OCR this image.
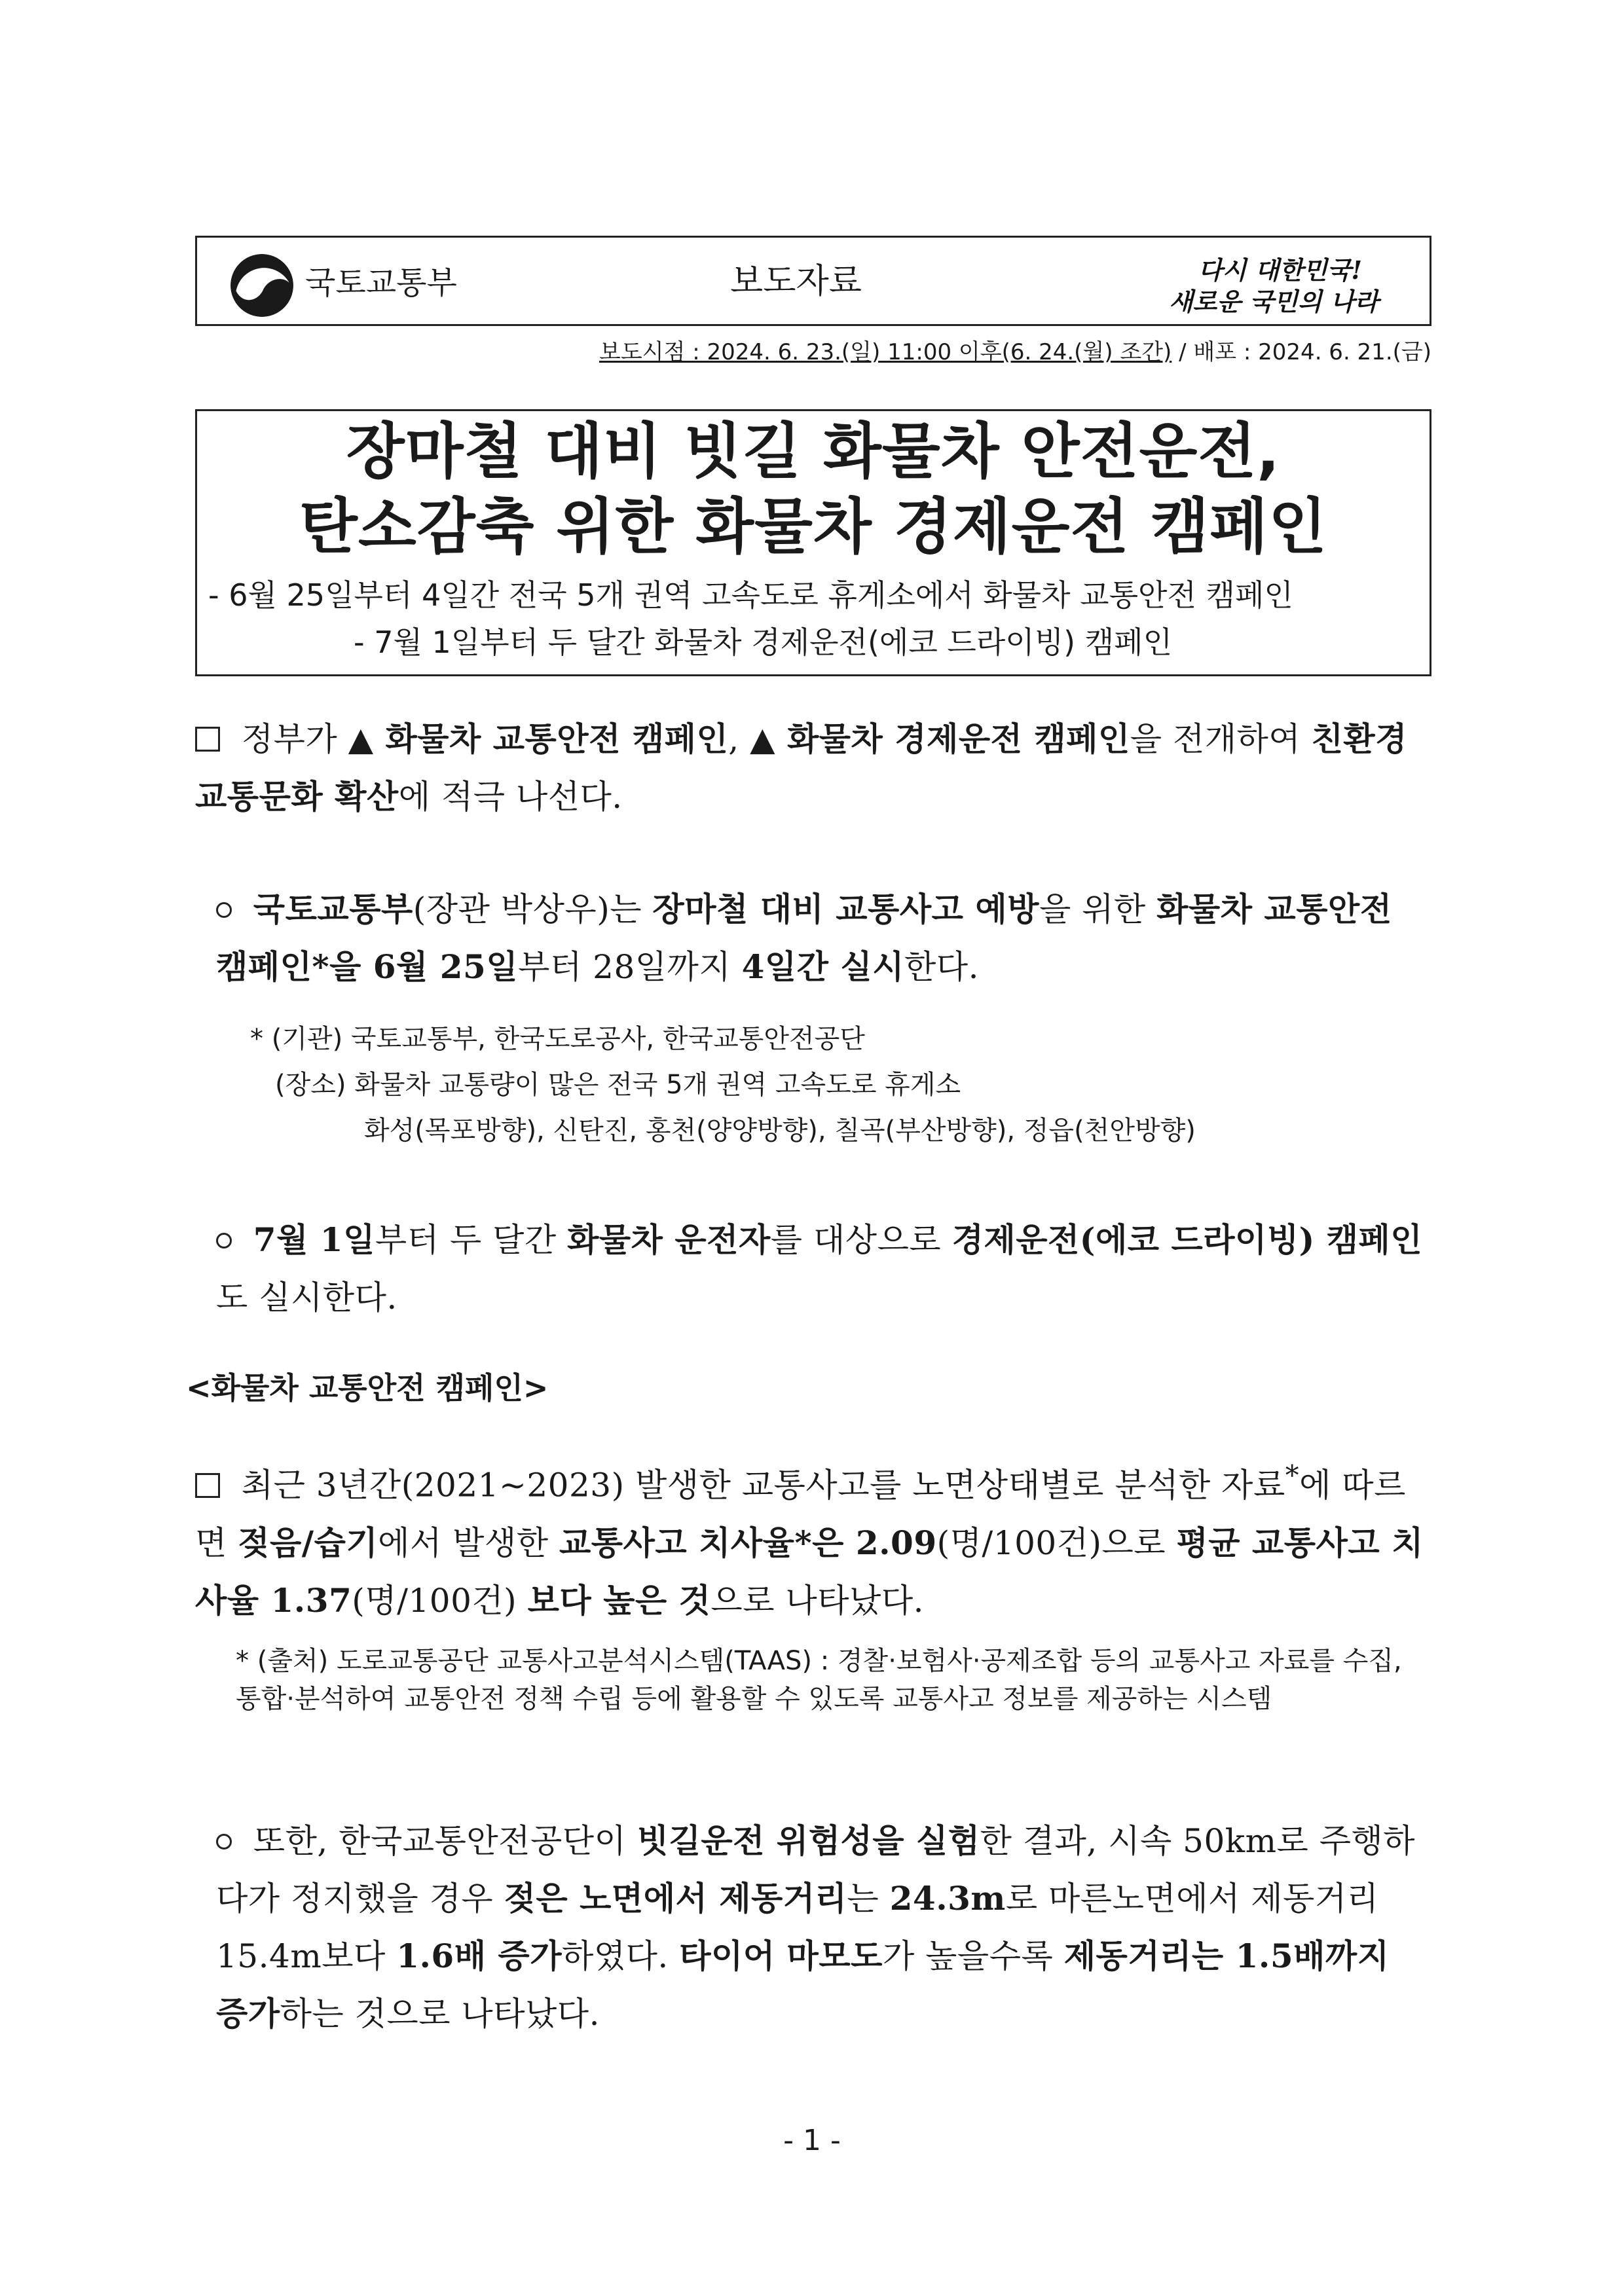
국토교통부	보도자료	다시 대한민국!
새로운 국민의 나라
보도시점 : 2024. 6. 23.(일) 11:00 이후(6. 24.(월) 조간) / 배포 : 2024. 6. 21.(금)
장마철 대비 빗길 화물차 안전운전,
탄소감축 위한 화물차 경제운전 캠페인
- 6월 25일부터 4일간 전국 5개 권역 고속도로 휴게소에서 화물차 교통안전 캠페인
- 7월 1일부터 두 달간 화물차 경제운전(에코 드라이빙) 캠페인
정부가 ▲ 화물차 교통안전 캠페인, ▲ 화물차 경제운전 캠페인을 전개하여 친환경 교통문화 확산에 적극 나선다.
국토교통부(장관 박상우)는 장마철 대비 교통사고 예방을 위한 화물차 교통안전 캠페인*을 6월 25일부터 28일까지 4일간 실시한다.
* (기관) 국토교통부, 한국도로공사, 한국교통안전공단
(장소) 화물차 교통량이 많은 전국 5개 권역 고속도로 휴게소
화성(목포방향), 신탄진, 홍천(양양방향), 칠곡(부산방향), 정읍(천안방향)
7월 1일부터 두 달간 화물차 운전자를 대상으로 경제운전(에코 드라이빙) 캠페인도 실시한다.
<화물차 교통안전 캠페인>
최근 3년간(2021~2023) 발생한 교통사고를 노면상태별로 분석한 자료*에 따르면 젖음/습기에서 발생한 교통사고 치사율*은 2.09(명/100건)으로 평균 교통사고 치사율 1.37(명/100건) 보다 높은 것으로 나타났다.
* (출처) 도로교통공단 교통사고분석시스템(TAAS) : 경찰·보험사·공제조합 등의 교통사고 자료를 수집, 통합·분석하여 교통안전 정책 수립 등에 활용할 수 있도록 교통사고 정보를 제공하는 시스템
또한, 한국교통안전공단이 빗길운전 위험성을 실험한 결과, 시속 50km로 주행하다가 정지했을 경우 젖은 노면에서 제동거리는 24.3m로 마른노면에서 제동거리 15.4m보다 1.6배 증가하였다. 타이어 마모도가 높을수록 제동거리는 1.5배까지 증가하는 것으로 나타났다.
- 1 -
